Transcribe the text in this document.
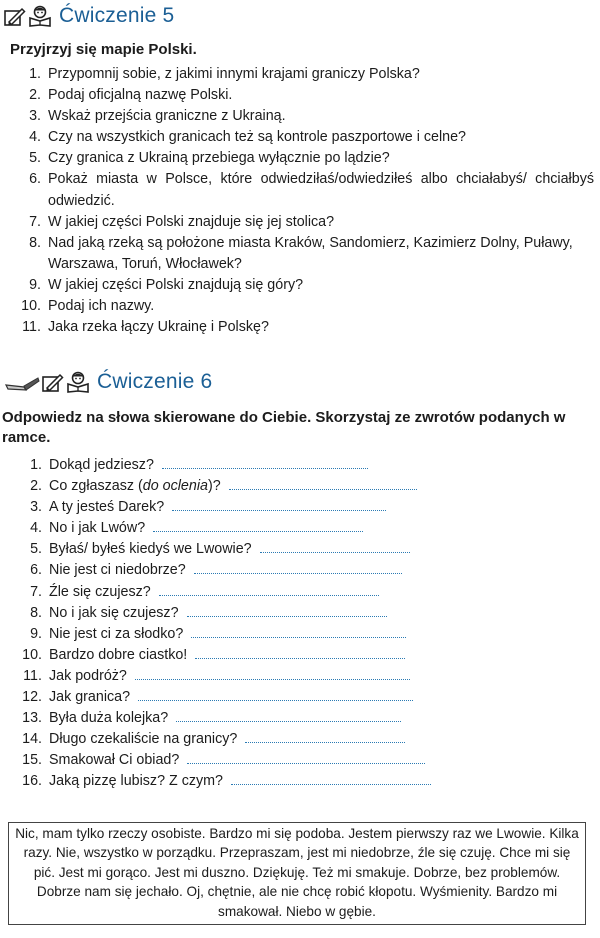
Ćwiczenie 5
Przyjrzyj się mapie Polski.
1. Przypomnij sobie, z jakimi innymi krajami graniczy Polska?
2. Podaj oficjalną nazwę Polski.
3. Wskaż przejścia graniczne z Ukrainą.
4. Czy na wszystkich granicach też są kontrole paszportowe i celne?
5. Czy granica z Ukrainą przebiega wyłącznie po lądzie?
6. Pokaż miasta w Polsce, które odwiedziłaś/odwiedziłeś albo chciałabyś/ chciałbyś odwiedzić.
7. W jakiej części Polski znajduje się jej stolica?
8. Nad jaką rzeką są położone miasta Kraków, Sandomierz, Kazimierz Dolny, Puławy, Warszawa, Toruń, Włocławek?
9. W jakiej części Polski znajdują się góry?
10. Podaj ich nazwy.
11. Jaka rzeka łączy Ukrainę i Polskę?
Ćwiczenie 6
Odpowiedz na słowa skierowane do Ciebie. Skorzystaj ze zwrotów podanych w ramce.
1. Dokąd jedziesz?
2. Co zgłaszasz (do oclenia)?
3. A ty jesteś Darek?
4. No i jak Lwów?
5. Byłaś/ byłeś kiedyś we Lwowie?
6. Nie jest ci niedobrze?
7. Źle się czujesz?
8. No i jak się czujesz?
9. Nie jest ci za słodko?
10. Bardzo dobre ciastko!
11. Jak podróż?
12. Jak granica?
13. Była duża kolejka?
14. Długo czekaliście na granicy?
15. Smakował Ci obiad?
16. Jaką pizzę lubisz? Z czym?
Nic, mam tylko rzeczy osobiste. Bardzo mi się podoba. Jestem pierwszy raz we Lwowie. Kilka razy. Nie, wszystko w porządku. Przepraszam, jest mi niedobrze, źle się czuję. Chce mi się pić. Jest mi gorąco. Jest mi duszno. Dziękuję. Też mi smakuje. Dobrze, bez problemów. Dobrze nam się jechało. Oj, chętnie, ale nie chcę robić kłopotu. Wyśmienity. Bardzo mi smakował. Niebo w gębie.
